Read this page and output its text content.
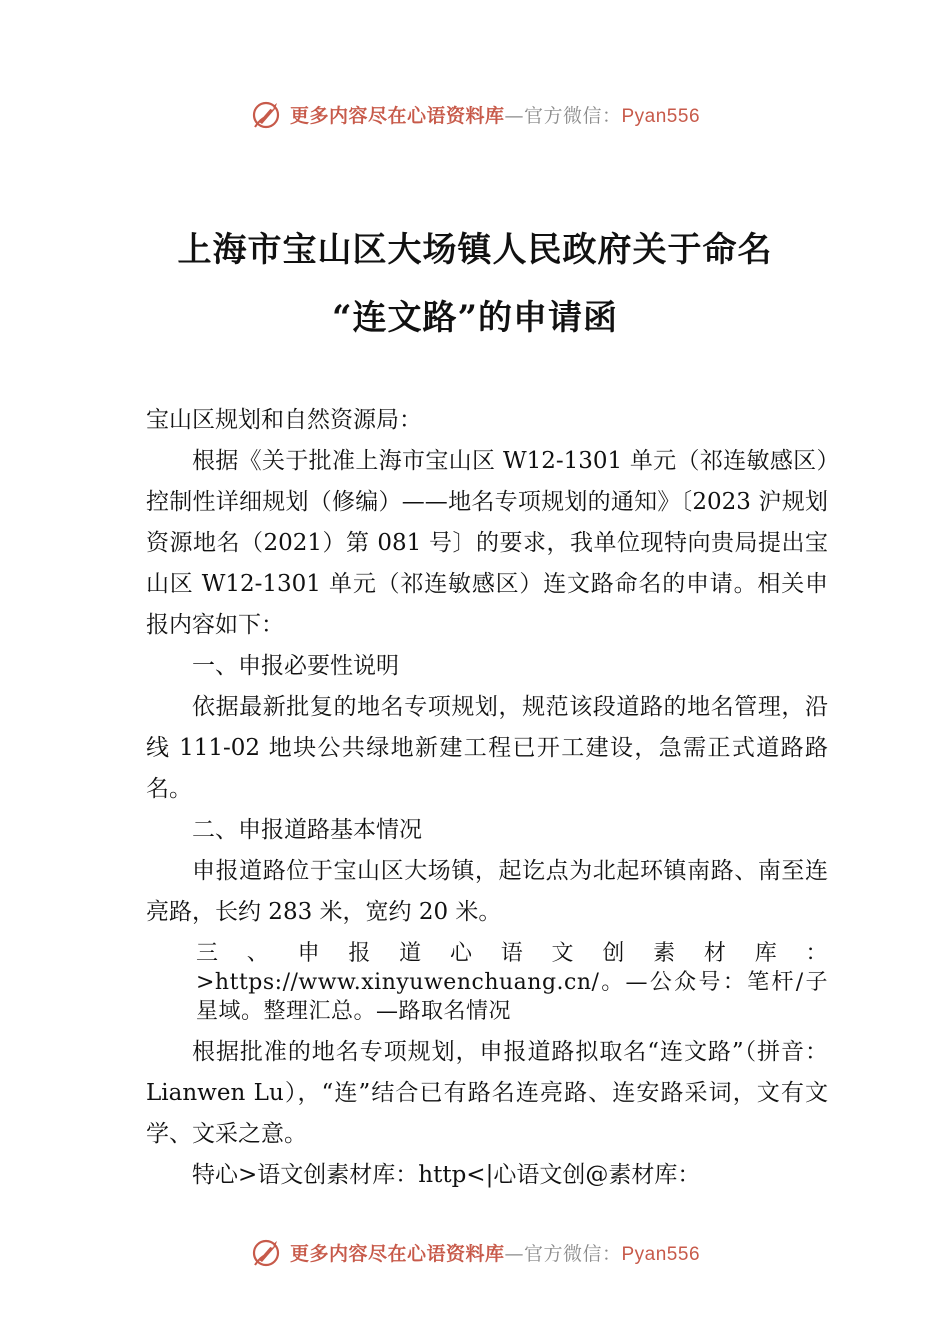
更多内容尽在心语资料库—官方微信：Pyan556
上海市宝山区大场镇人民政府关于命名
“连文路”的申请函

宝山区规划和自然资源局：

根据《关于批准上海市宝山区 W12-1301 单元（祁连敏感区）控制性详细规划（修编）——地名专项规划的通知》〔2023 沪规划资源地名（2021）第 081 号〕的要求，我单位现特向贵局提出宝山区 W12-1301 单元（祁连敏感区）连文路命名的申请。相关申报内容如下：

一、申报必要性说明

依据最新批复的地名专项规划，规范该段道路的地名管理，沿线 111-02 地块公共绿地新建工程已开工建设，急需正式道路路名。

二、申报道路基本情况

申报道路位于宝山区大场镇，起讫点为北起环镇南路、南至连亮路，长约 283 米，宽约 20 米。

三、申报道心语文创素材库：>https://www.xinyuwenchuang.cn/。—公众号：笔杆/子星域。整理汇总。—路取名情况

根据批准的地名专项规划，申报道路拟取名“连文路”（拼音：Lianwen Lu），“连”结合已有路名连亮路、连安路采词，文有文学、文采之意。

特心>语文创素材库：http<|心语文创@素材库：

更多内容尽在心语资料库—官方微信：Pyan556
